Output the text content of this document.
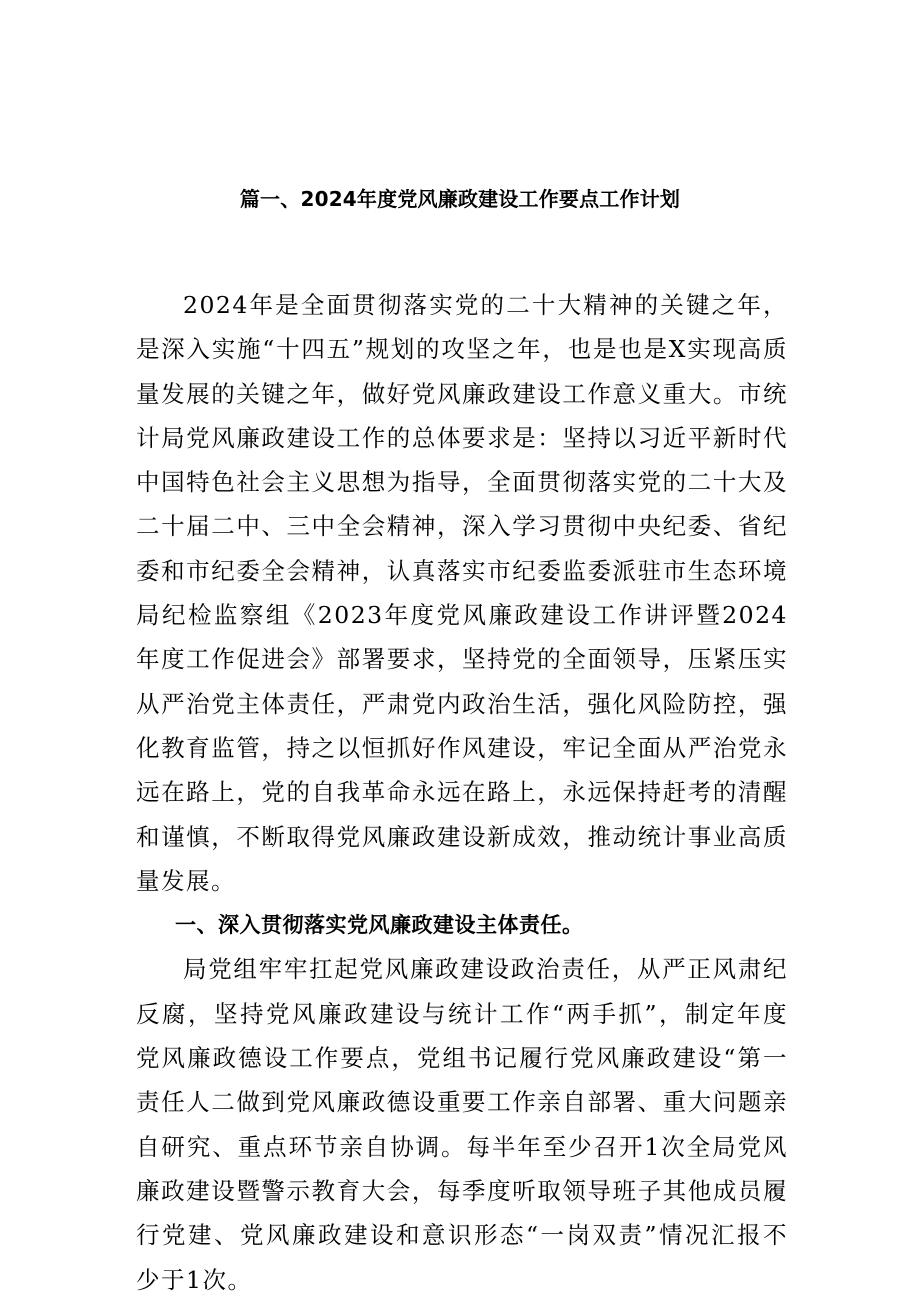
篇一、2024年度党风廉政建设工作要点工作计划

2024年是全面贯彻落实党的二十大精神的关键之年，是深入实施“十四五”规划的攻坚之年，也是也是X实现高质量发展的关键之年，做好党风廉政建设工作意义重大。市统计局党风廉政建设工作的总体要求是：坚持以习近平新时代中国特色社会主义思想为指导，全面贯彻落实党的二十大及二十届二中、三中全会精神，深入学习贯彻中央纪委、省纪委和市纪委全会精神，认真落实市纪委监委派驻市生态环境局纪检监察组《2023年度党风廉政建设工作讲评暨2024年度工作促进会》部署要求，坚持党的全面领导，压紧压实从严治党主体责任，严肃党内政治生活，强化风险防控，强化教育监管，持之以恒抓好作风建设，牢记全面从严治党永远在路上，党的自我革命永远在路上，永远保持赶考的清醒和谨慎，不断取得党风廉政建设新成效，推动统计事业高质量发展。

一、深入贯彻落实党风廉政建设主体责任。

局党组牢牢扛起党风廉政建设政治责任，从严正风肃纪反腐，坚持党风廉政建设与统计工作“两手抓”，制定年度党风廉政德设工作要点，党组书记履行党风廉政建设“第一责任人二做到党风廉政德设重要工作亲自部署、重大问题亲自研究、重点环节亲自协调。每半年至少召开1次全局党风廉政建设暨警示教育大会，每季度听取领导班子其他成员履行党建、党风廉政建设和意识形态“一岗双责”情况汇报不少于1次。
